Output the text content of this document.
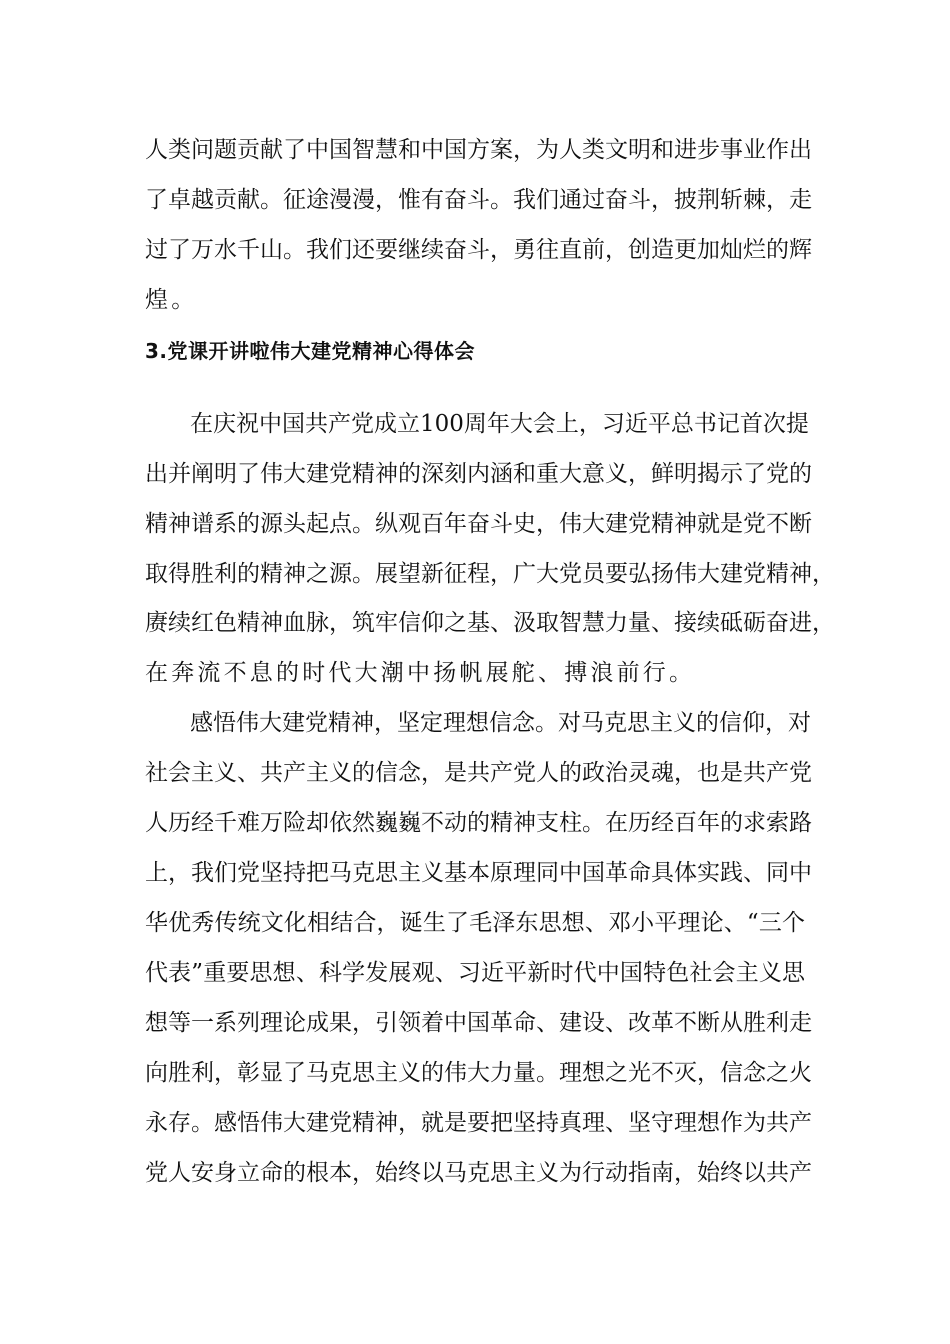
人类问题贡献了中国智慧和中国方案，为人类文明和进步事业作出
了卓越贡献。征途漫漫，惟有奋斗。我们通过奋斗，披荆斩棘，走
过了万水千山。我们还要继续奋斗，勇往直前，创造更加灿烂的辉
煌。
3.党课开讲啦伟大建党精神心得体会
在庆祝中国共产党成立100周年大会上，习近平总书记首次提
出并阐明了伟大建党精神的深刻内涵和重大意义，鲜明揭示了党的
精神谱系的源头起点。纵观百年奋斗史，伟大建党精神就是党不断
取得胜利的精神之源。展望新征程，广大党员要弘扬伟大建党精神，
赓续红色精神血脉，筑牢信仰之基、汲取智慧力量、接续砥砺奋进，
在奔流不息的时代大潮中扬帆展舵、搏浪前行。
感悟伟大建党精神，坚定理想信念。对马克思主义的信仰，对
社会主义、共产主义的信念，是共产党人的政治灵魂，也是共产党
人历经千难万险却依然巍巍不动的精神支柱。在历经百年的求索路
上，我们党坚持把马克思主义基本原理同中国革命具体实践、同中
华优秀传统文化相结合，诞生了毛泽东思想、邓小平理论、“三个
代表”重要思想、科学发展观、习近平新时代中国特色社会主义思
想等一系列理论成果，引领着中国革命、建设、改革不断从胜利走
向胜利，彰显了马克思主义的伟大力量。理想之光不灭，信念之火
永存。感悟伟大建党精神，就是要把坚持真理、坚守理想作为共产
党人安身立命的根本，始终以马克思主义为行动指南，始终以共产
